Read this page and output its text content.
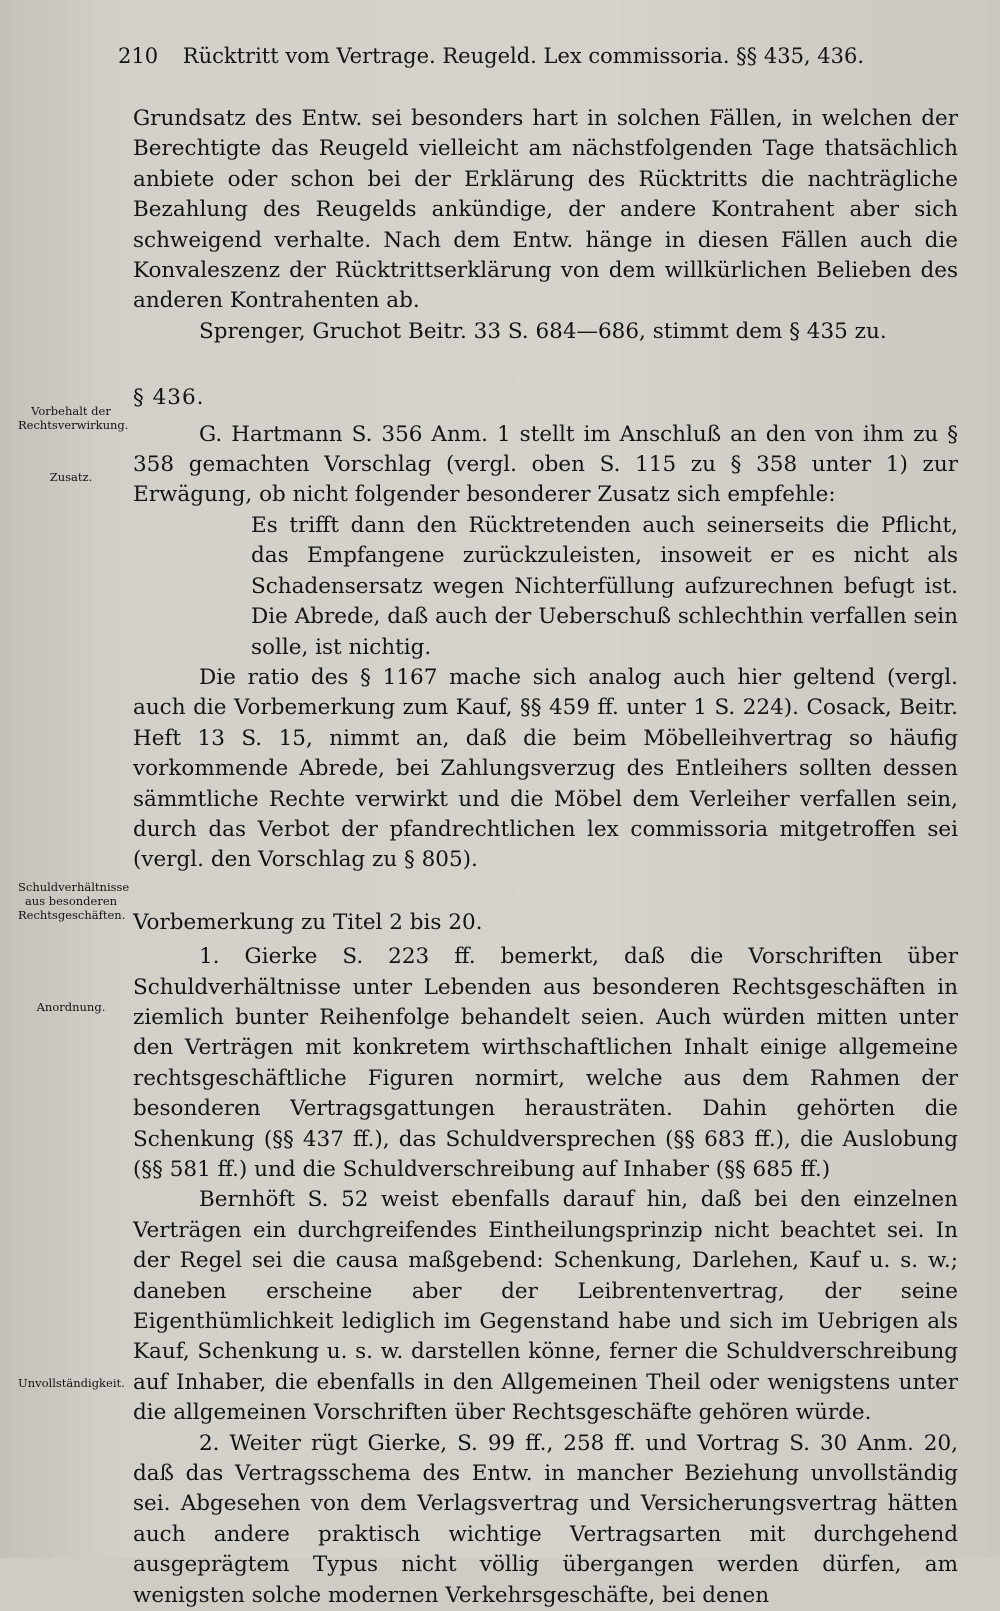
210 Rücktritt vom Vertrage. Reugeld. Lex commissoria. §§ 435, 436.

Grundsatz des Entw. sei besonders hart in solchen Fällen, in welchen der Berechtigte das Reugeld vielleicht am nächstfolgenden Tage thatsächlich anbiete oder schon bei der Erklärung des Rücktritts die nachträgliche Bezahlung des Reugelds ankündige, der andere Kontrahent aber sich schweigend verhalte. Nach dem Entw. hänge in diesen Fällen auch die Konvaleszenz der Rücktrittserklärung von dem willkürlichen Belieben des anderen Kontrahenten ab.

Sprenger, Gruchot Beitr. 33 S. 684—686, stimmt dem § 435 zu.

§ 436.

G. Hartmann S. 356 Anm. 1 stellt im Anschluß an den von ihm zu § 358 gemachten Vorschlag (vergl. oben S. 115 zu § 358 unter 1) zur Erwägung, ob nicht folgender besonderer Zusatz sich empfehle:

Es trifft dann den Rücktretenden auch seinerseits die Pflicht, das Empfangene zurückzuleisten, insoweit er es nicht als Schadensersatz wegen Nichterfüllung aufzurechnen befugt ist. Die Abrede, daß auch der Ueberschuß schlechthin verfallen sein solle, ist nichtig.

Die ratio des § 1167 mache sich analog auch hier geltend (vergl. auch die Vorbemerkung zum Kauf, §§ 459 ff. unter 1 S. 224). Cosack, Beitr. Heft 13 S. 15, nimmt an, daß die beim Möbelleihvertrag so häufig vorkommende Abrede, bei Zahlungsverzug des Entleihers sollten dessen sämmtliche Rechte verwirkt und die Möbel dem Verleiher verfallen sein, durch das Verbot der pfandrechtlichen lex commissoria mitgetroffen sei (vergl. den Vorschlag zu § 805).

Vorbemerkung zu Titel 2 bis 20.

1. Gierke S. 223 ff. bemerkt, daß die Vorschriften über Schuldverhältnisse unter Lebenden aus besonderen Rechtsgeschäften in ziemlich bunter Reihenfolge behandelt seien. Auch würden mitten unter den Verträgen mit konkretem wirthschaftlichen Inhalt einige allgemeine rechtsgeschäftliche Figuren normirt, welche aus dem Rahmen der besonderen Vertragsgattungen herausträten. Dahin gehörten die Schenkung (§§ 437 ff.), das Schuldversprechen (§§ 683 ff.), die Auslobung (§§ 581 ff.) und die Schuldverschreibung auf Inhaber (§§ 685 ff.)

Bernhöft S. 52 weist ebenfalls darauf hin, daß bei den einzelnen Verträgen ein durchgreifendes Eintheilungsprinzip nicht beachtet sei. In der Regel sei die causa maßgebend: Schenkung, Darlehen, Kauf u. s. w.; daneben erscheine aber der Leibrentenvertrag, der seine Eigenthümlichkeit lediglich im Gegenstand habe und sich im Uebrigen als Kauf, Schenkung u. s. w. darstellen könne, ferner die Schuldverschreibung auf Inhaber, die ebenfalls in den Allgemeinen Theil oder wenigstens unter die allgemeinen Vorschriften über Rechtsgeschäfte gehören würde.

2. Weiter rügt Gierke, S. 99 ff., 258 ff. und Vortrag S. 30 Anm. 20, daß das Vertragsschema des Entw. in mancher Beziehung unvollständig sei. Abgesehen von dem Verlagsvertrag und Versicherungsvertrag hätten auch andere praktisch wichtige Vertragsarten mit durchgehend ausgeprägtem Typus nicht völlig übergangen werden dürfen, am wenigsten solche modernen Verkehrsgeschäfte, bei denen

Vorbehalt der Rechtsverwirkung.
Zusatz.
Schuldverhältnisse aus besonderen Rechtsgeschäften.
Anordnung.
Unvollständigkeit.
